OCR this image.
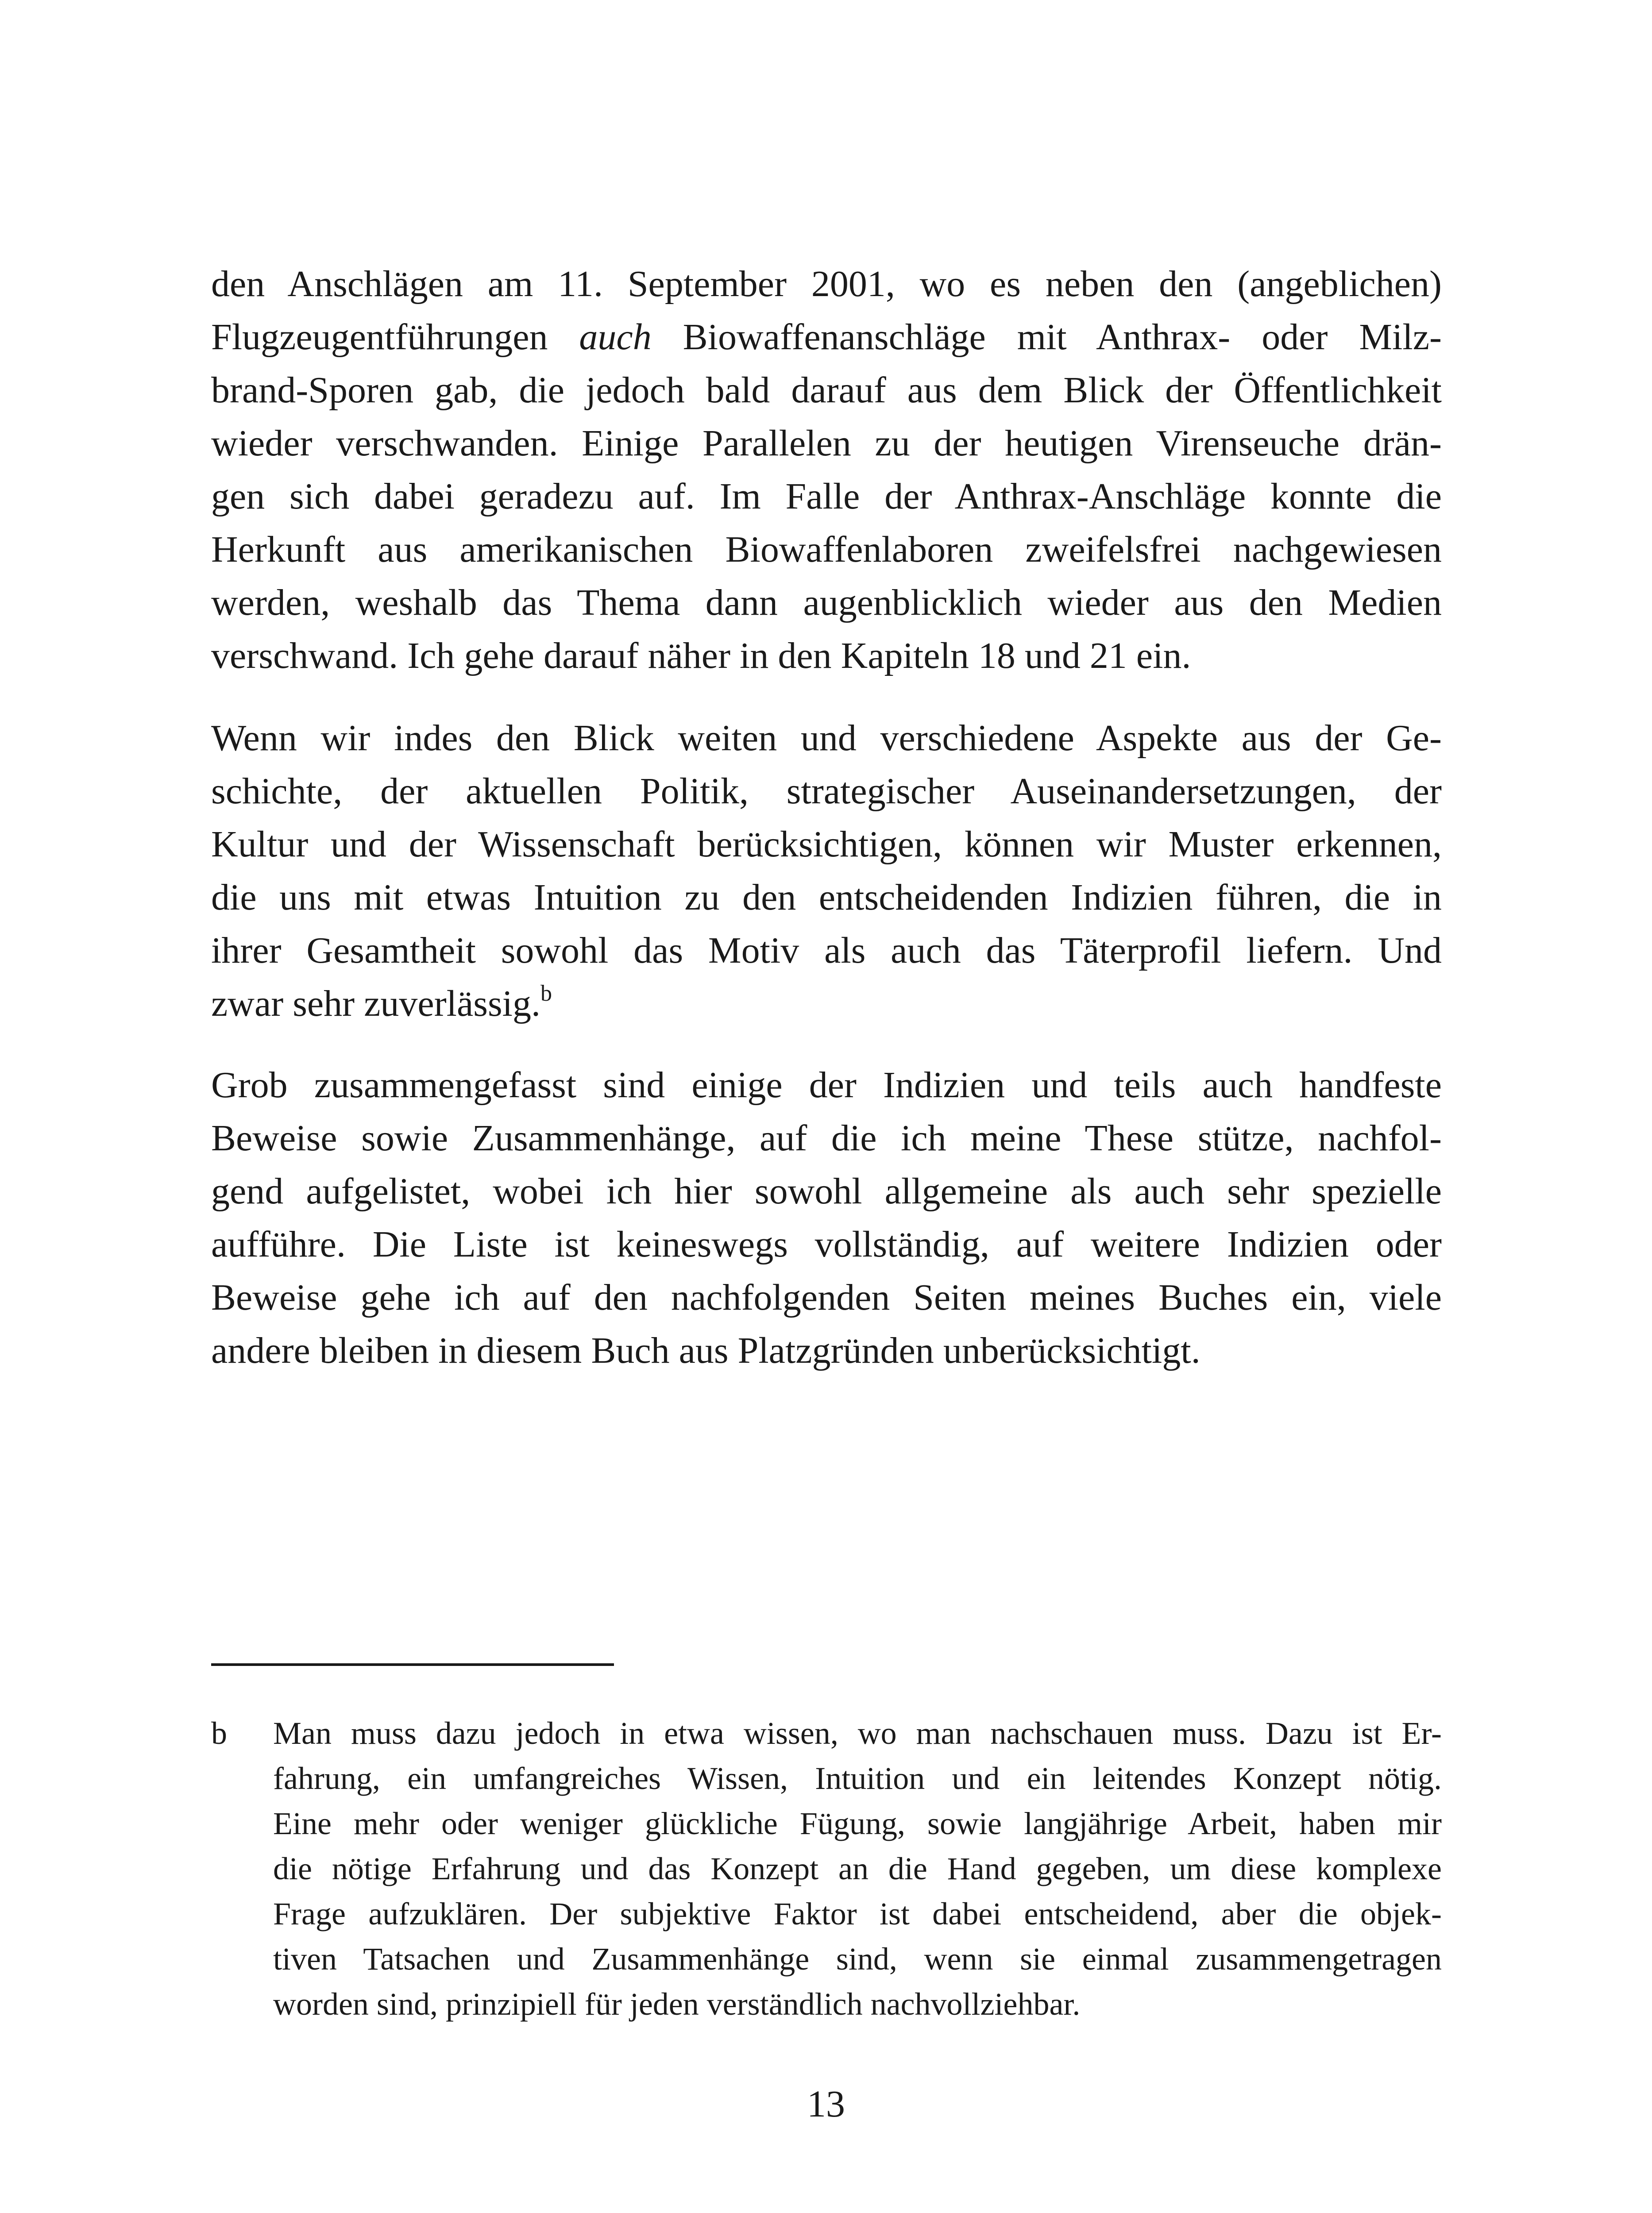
den Anschlägen am 11. September 2001, wo es neben den (angeblichen)
Flugzeugentführungen auch Biowaffenanschläge mit Anthrax- oder Milz-
brand-Sporen gab, die jedoch bald darauf aus dem Blick der Öffentlichkeit
wieder verschwanden. Einige Parallelen zu der heutigen Virenseuche drän-
gen sich dabei geradezu auf. Im Falle der Anthrax-Anschläge konnte die
Herkunft aus amerikanischen Biowaffenlaboren zweifelsfrei nachgewiesen
werden, weshalb das Thema dann augenblicklich wieder aus den Medien
verschwand. Ich gehe darauf näher in den Kapiteln 18 und 21 ein.
Wenn wir indes den Blick weiten und verschiedene Aspekte aus der Ge-
schichte, der aktuellen Politik, strategischer Auseinandersetzungen, der
Kultur und der Wissenschaft berücksichtigen, können wir Muster erkennen,
die uns mit etwas Intuition zu den entscheidenden Indizien führen, die in
ihrer Gesamtheit sowohl das Motiv als auch das Täterprofil liefern. Und
zwar sehr zuverlässig.$^b$
Grob zusammengefasst sind einige der Indizien und teils auch handfeste
Beweise sowie Zusammenhänge, auf die ich meine These stütze, nachfol-
gend aufgelistet, wobei ich hier sowohl allgemeine als auch sehr spezielle
aufführe. Die Liste ist keineswegs vollständig, auf weitere Indizien oder
Beweise gehe ich auf den nachfolgenden Seiten meines Buches ein, viele
andere bleiben in diesem Buch aus Platzgründen unberücksichtigt.
b Man muss dazu jedoch in etwa wissen, wo man nachschauen muss. Dazu ist Er-
fahrung, ein umfangreiches Wissen, Intuition und ein leitendes Konzept nötig.
Eine mehr oder weniger glückliche Fügung, sowie langjährige Arbeit, haben mir
die nötige Erfahrung und das Konzept an die Hand gegeben, um diese komplexe
Frage aufzuklären. Der subjektive Faktor ist dabei entscheidend, aber die objek-
tiven Tatsachen und Zusammenhänge sind, wenn sie einmal zusammengetragen
worden sind, prinzipiell für jeden verständlich nachvollziehbar.
13
